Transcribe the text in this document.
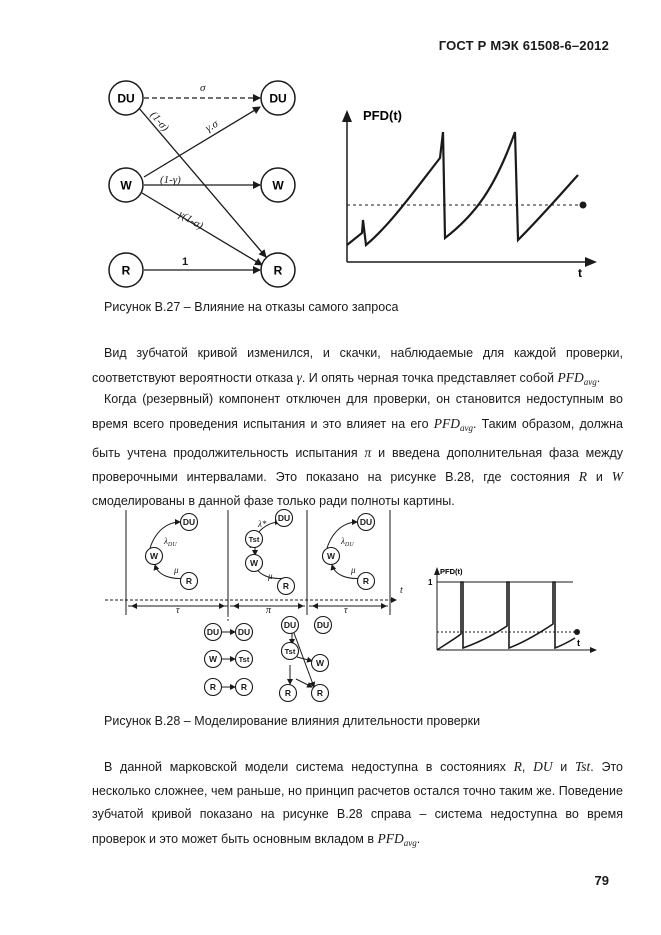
ГОСТ Р МЭК 61508-6–2012
DU
W
R
DU
W
R
σ
(1-σ)	γ.σ
(1-γ)
γ(1-σ)
1
PFD(t)
t
Рисунок В.27 – Влияние на отказы самого запроса
Вид зубчатой кривой изменился, и скачки, наблюдаемые для каждой проверки, соответствуют вероятности отказа γ. И опять черная точка представляет собой $PFD_{avg}$.
Когда (резервный) компонент отключен для проверки, он становится недоступным во время всего проведения испытания и это влияет на его $PFD_{avg}$. Таким образом, должна быть учтена продолжительность испытания π и введена дополнительная фаза между проверочными интервалами. Это показано на рисунке В.28, где состояния R и W смоделированы в данной фазе только ради полноты картины.
τ	π	τ
t
DU
W
R
DU
Tst
W
R
DU
W
R
$\lambda_{DU}$
μ
λ*
μ
$\lambda_{DU}$
μ
DU DU
W	Tst
R	R
DU DU
Tst
W
R	R
PFD(t)
1
t
Рисунок В.28 – Моделирование влияния длительности проверки
В данной марковской модели система недоступна в состояниях R, DU и Tst. Это несколько сложнее, чем раньше, но принцип расчетов остался точно таким же. Поведение зубчатой кривой показано на рисунке В.28 справа – система недоступна во время проверок и это может быть основным вкладом в $PFD_{avg}$.
79
